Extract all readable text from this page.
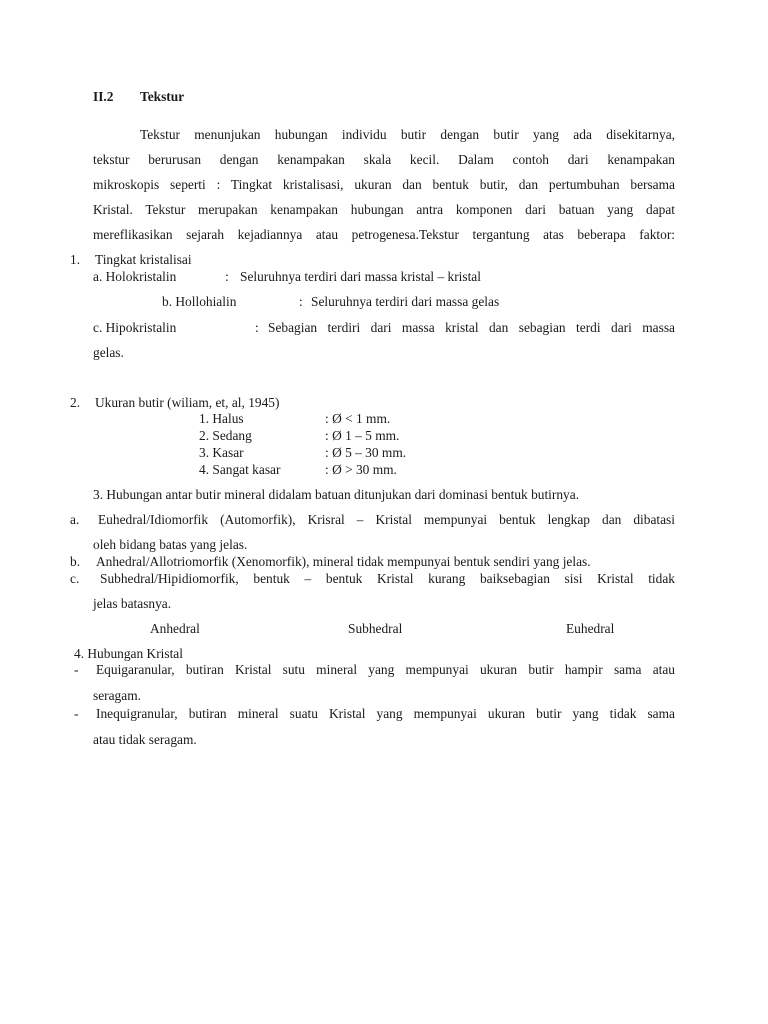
II.2 Tekstur
Tekstur menunjukan hubungan individu butir dengan butir yang ada disekitarnya,
tekstur berurusan dengan kenampakan skala kecil. Dalam contoh dari kenampakan
mikroskopis seperti : Tingkat kristalisasi, ukuran dan bentuk butir, dan pertumbuhan bersama
Kristal. Tekstur merupakan kenampakan hubungan antra komponen dari batuan yang dapat
mereflikasikan sejarah kejadiannya atau petrogenesa.Tekstur tergantung atas beberapa faktor:
1. Tingkat kristalisai
a. Holokristalin	: Seluruhnya terdiri dari massa kristal – kristal
b. Hollohialin	: Seluruhnya terdiri dari massa gelas
c. Hipokristalin	: Sebagian terdiri dari massa kristal dan sebagian terdi dari massa
gelas.
2. Ukuran butir (wiliam, et, al, 1945)
1. Halus	: Ø < 1 mm.
2. Sedang	: Ø 1 – 5 mm.
3. Kasar	: Ø 5 – 30 mm.
4. Sangat kasar	: Ø > 30 mm.
3. Hubungan antar butir mineral didalam batuan ditunjukan dari dominasi bentuk butirnya.
a. Euhedral/Idiomorfik (Automorfik), Krisral – Kristal mempunyai bentuk lengkap dan dibatasi
oleh bidang batas yang jelas.
b. Anhedral/Allotriomorfik (Xenomorfik), mineral tidak mempunyai bentuk sendiri yang jelas.
c. Subhedral/Hipidiomorfik, bentuk – bentuk Kristal kurang baiksebagian sisi Kristal tidak
jelas batasnya.
Anhedral	Subhedral	Euhedral
4. Hubungan Kristal
- Equigaranular, butiran Kristal sutu mineral yang mempunyai ukuran butir hampir sama atau
seragam.
- Inequigranular, butiran mineral suatu Kristal yang mempunyai ukuran butir yang tidak sama
atau tidak seragam.
